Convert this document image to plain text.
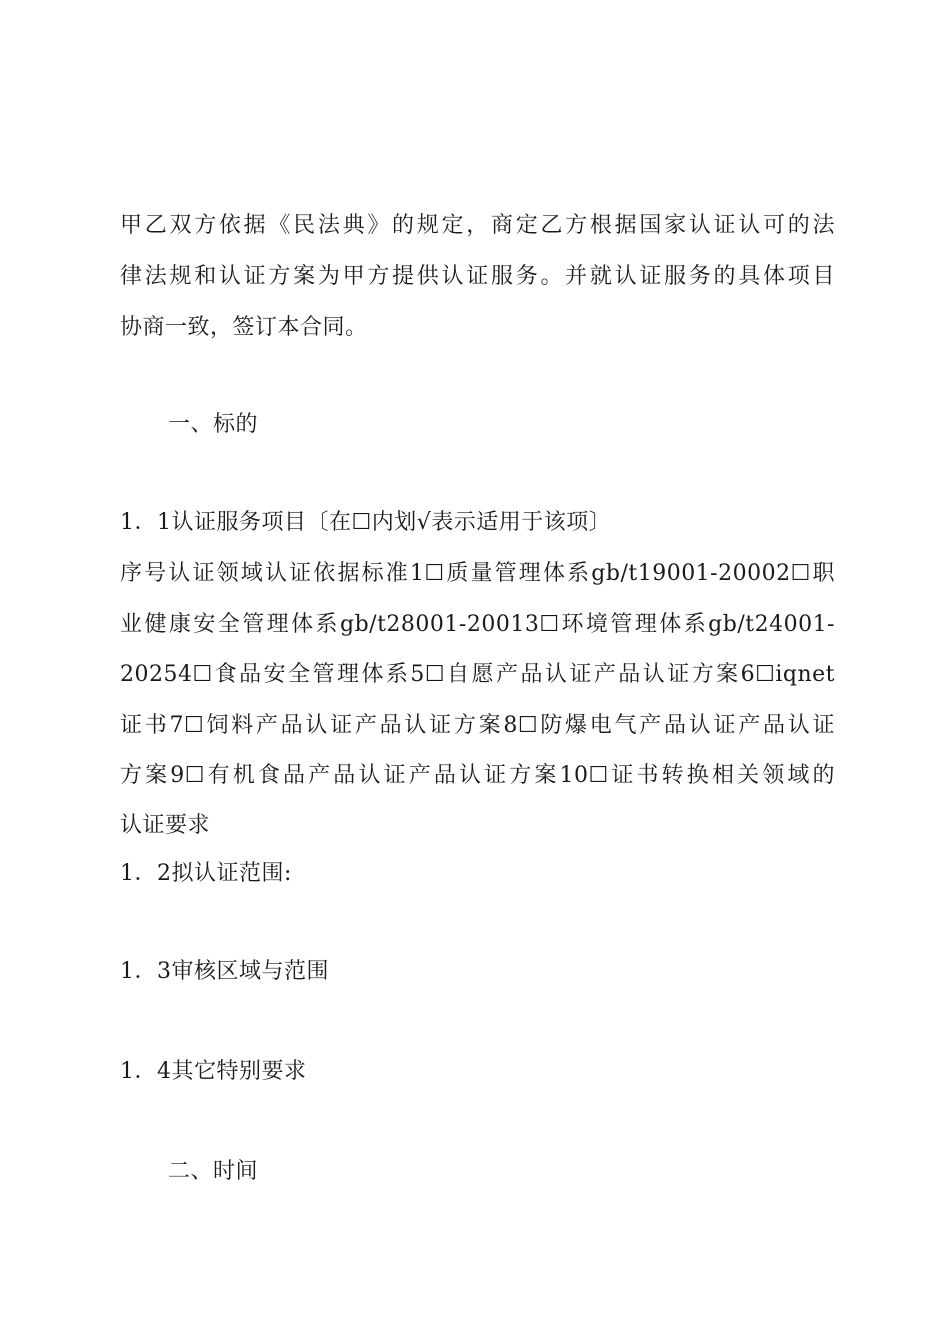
甲乙双方依据《民法典》的规定，商定乙方根据国家认证认可的法
律法规和认证方案为甲方提供认证服务。并就认证服务的具体项目
协商一致，签订本合同。
一、标的
1．1认证服务项目〔在☐内划√表示适用于该项〕
序号认证领域认证依据标准1☐质量管理体系gb/t19001-20002☐职
业健康安全管理体系gb/t28001-20013☐环境管理体系gb/t24001-
20254☐食品安全管理体系5☐自愿产品认证产品认证方案6☐iqnet
证书7☐饲料产品认证产品认证方案8☐防爆电气产品认证产品认证
方案9☐有机食品产品认证产品认证方案10☐证书转换相关领域的
认证要求
1．2拟认证范围:
1．3审核区域与范围
1．4其它特别要求
二、时间
